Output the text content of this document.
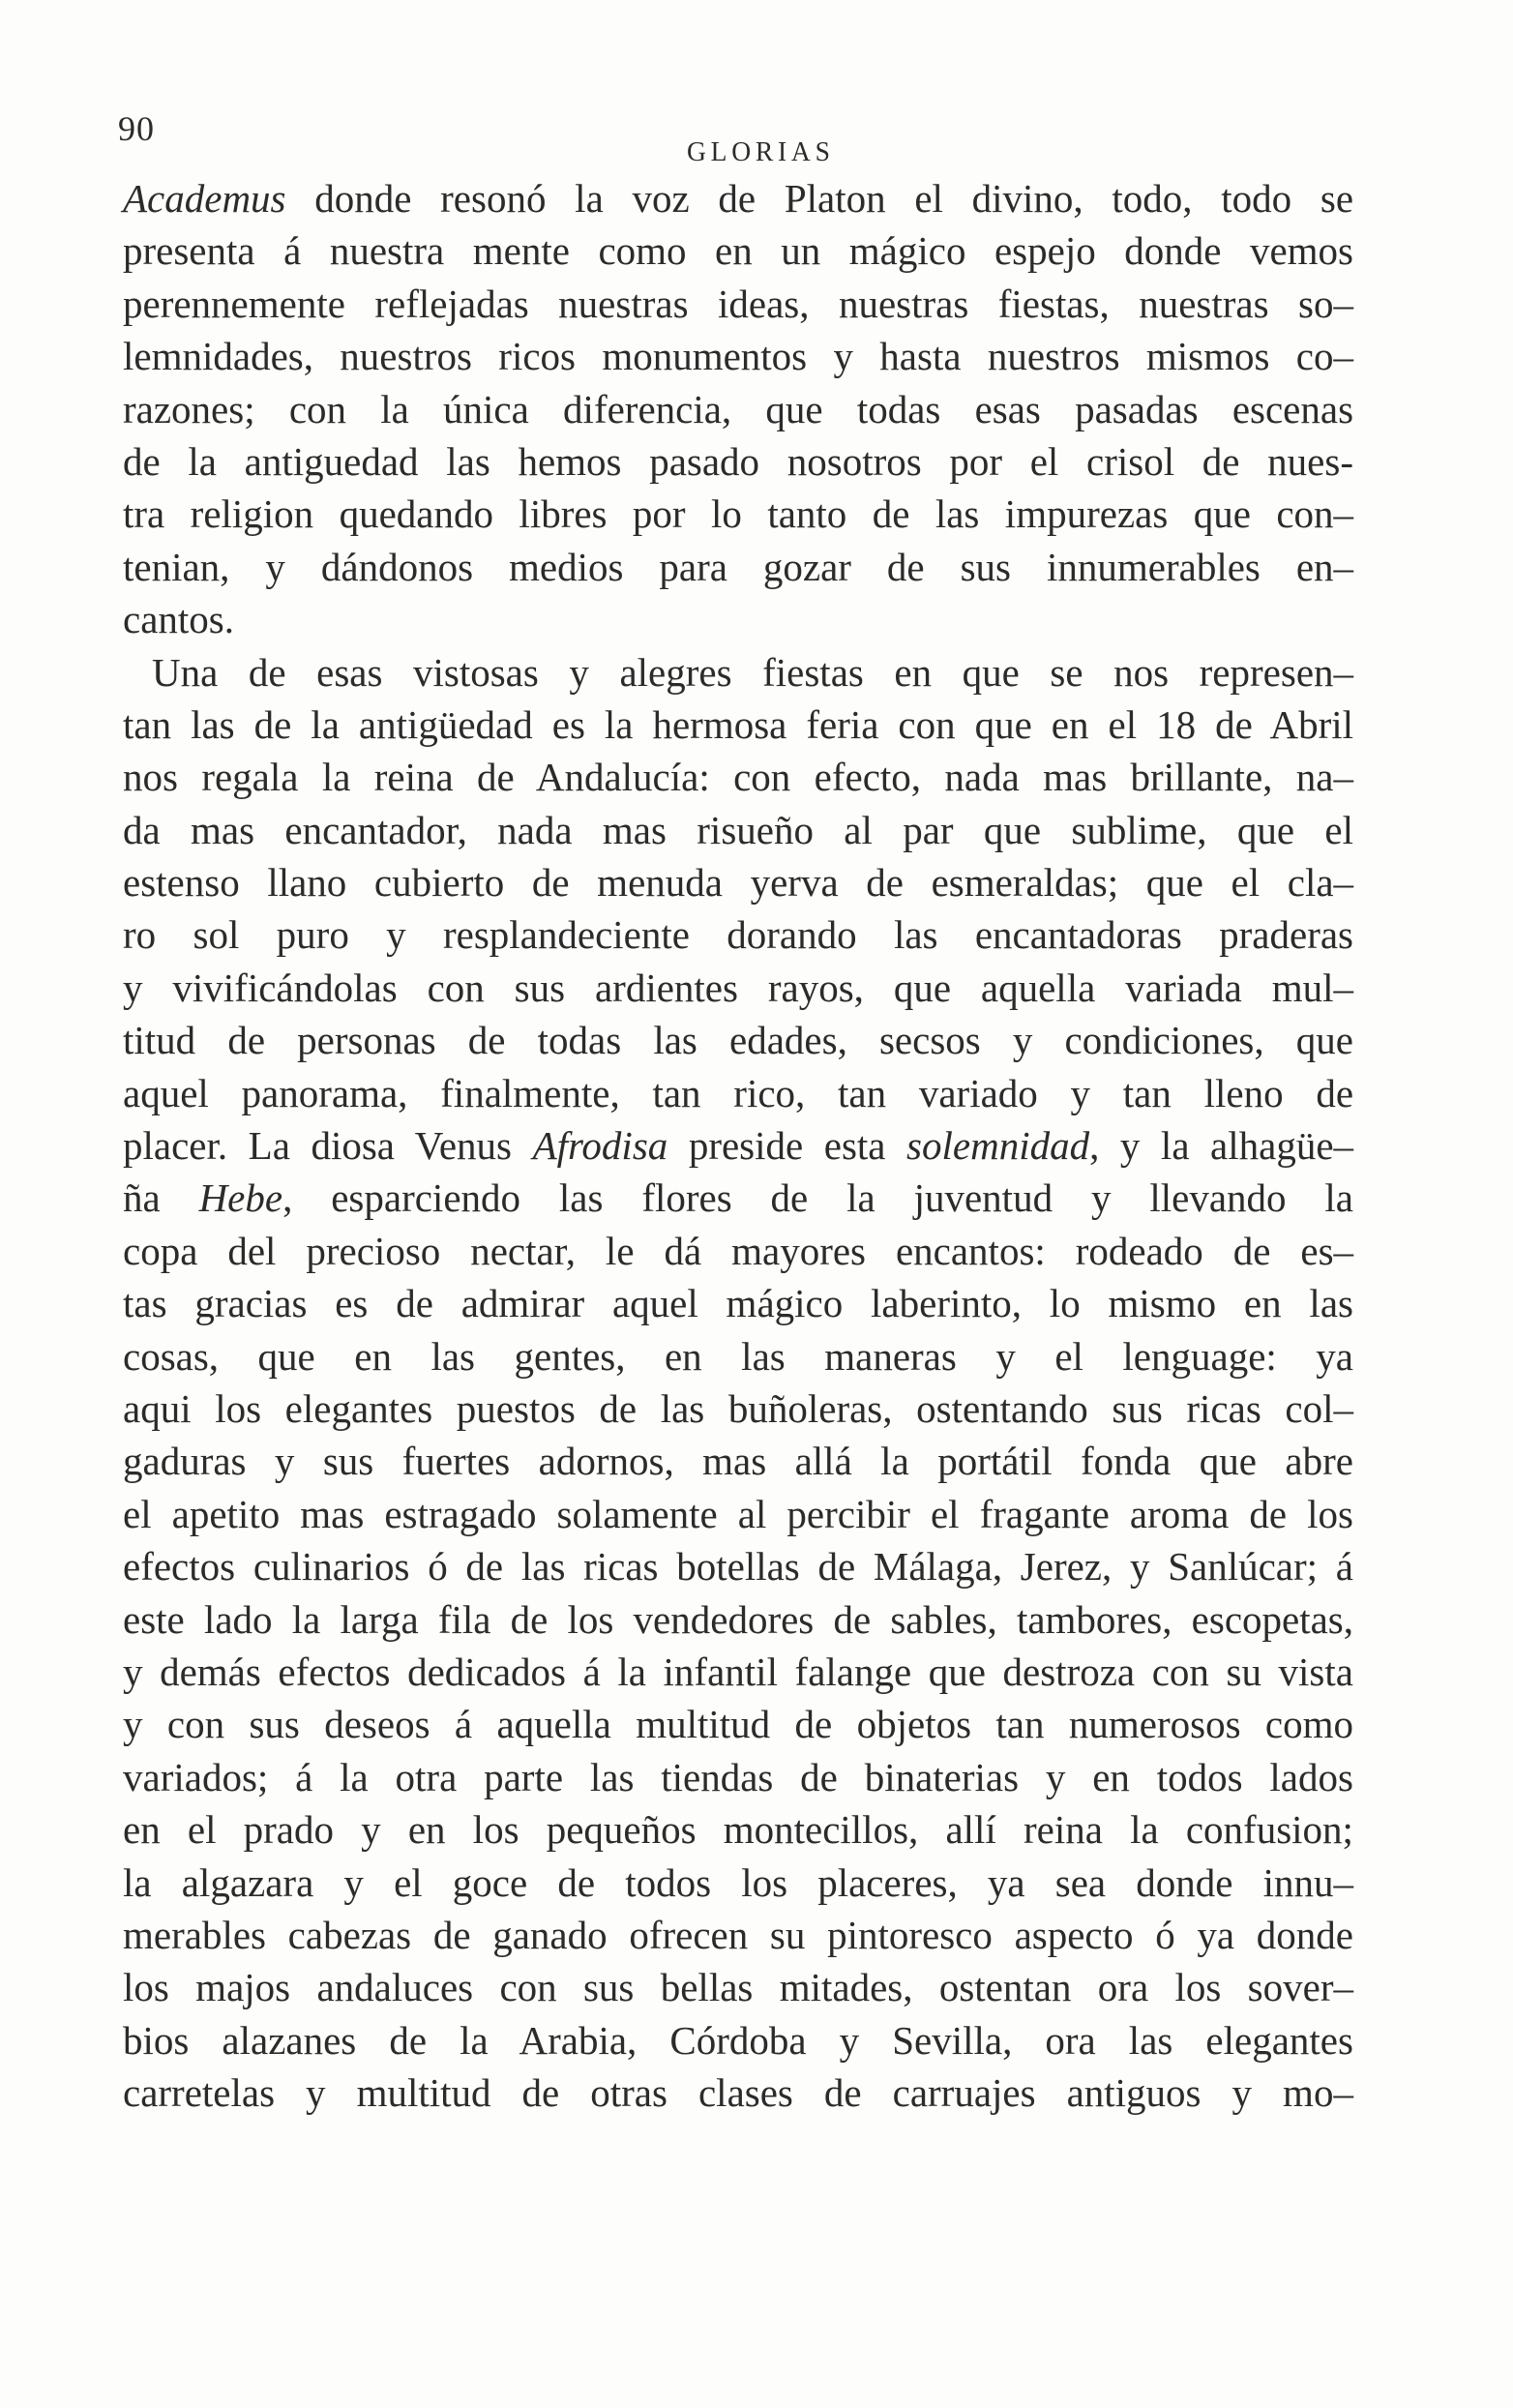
90
GLORIAS
Academus donde resonó la voz de Platon el divino, todo, todo se
presenta á nuestra mente como en un mágico espejo donde vemos
perennemente reflejadas nuestras ideas, nuestras fiestas, nuestras so–
lemnidades, nuestros ricos monumentos y hasta nuestros mismos co–
razones; con la única diferencia, que todas esas pasadas escenas
de la antiguedad las hemos pasado nosotros por el crisol de nues-
tra religion quedando libres por lo tanto de las impurezas que con–
tenian, y dándonos medios para gozar de sus innumerables en–
cantos.
Una de esas vistosas y alegres fiestas en que se nos represen–
tan las de la antigüedad es la hermosa feria con que en el 18 de Abril
nos regala la reina de Andalucía: con efecto, nada mas brillante, na–
da mas encantador, nada mas risueño al par que sublime, que el
estenso llano cubierto de menuda yerva de esmeraldas; que el cla–
ro sol puro y resplandeciente dorando las encantadoras praderas
y vivificándolas con sus ardientes rayos, que aquella variada mul–
titud de personas de todas las edades, secsos y condiciones, que
aquel panorama, finalmente, tan rico, tan variado y tan lleno de
placer. La diosa Venus Afrodisa preside esta solemnidad, y la alhagüe–
ña Hebe, esparciendo las flores de la juventud y llevando la
copa del precioso nectar, le dá mayores encantos: rodeado de es–
tas gracias es de admirar aquel mágico laberinto, lo mismo en las
cosas, que en las gentes, en las maneras y el lenguage: ya
aqui los elegantes puestos de las buñoleras, ostentando sus ricas col–
gaduras y sus fuertes adornos, mas allá la portátil fonda que abre
el apetito mas estragado solamente al percibir el fragante aroma de los
efectos culinarios ó de las ricas botellas de Málaga, Jerez, y Sanlúcar; á
este lado la larga fila de los vendedores de sables, tambores, escopetas,
y demás efectos dedicados á la infantil falange que destroza con su vista
y con sus deseos á aquella multitud de objetos tan numerosos como
variados; á la otra parte las tiendas de binaterias y en todos lados
en el prado y en los pequeños montecillos, allí reina la confusion;
la algazara y el goce de todos los placeres, ya sea donde innu–
merables cabezas de ganado ofrecen su pintoresco aspecto ó ya donde
los majos andaluces con sus bellas mitades, ostentan ora los sover–
bios alazanes de la Arabia, Córdoba y Sevilla, ora las elegantes
carretelas y multitud de otras clases de carruajes antiguos y mo–
